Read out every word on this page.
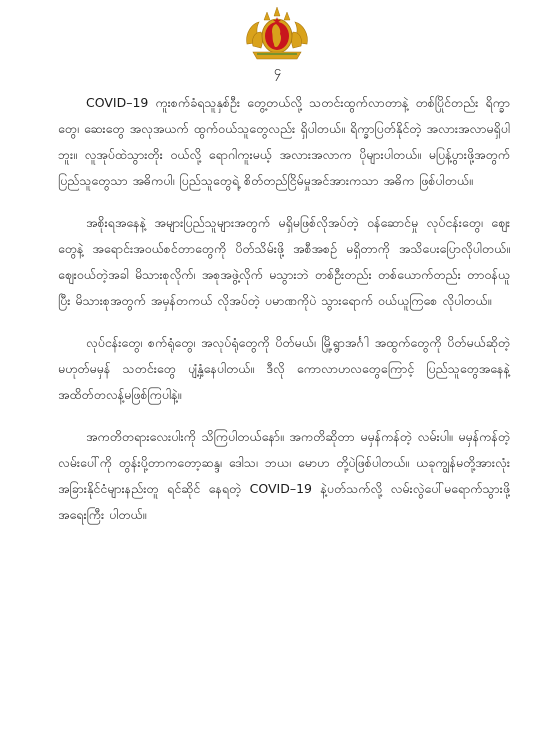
၄

COVID–19 ကူးစက်ခံရသူနှစ်ဦး တွေ့တယ်လို့ သတင်းထွက်လာတာနဲ့ တစ်ပြိုင်တည်း ရိက္ခာတွေ၊ ဆေးတွေ အလုအယက် ထွက်ဝယ်သူတွေလည်း ရှိပါတယ်။ ရိက္ခာပြတ်နိုင်တဲ့ အလားအလာမရှိပါဘူး။ လူအုပ်ထဲသွားတိုး ဝယ်လို့ ရောဂါကူးမယ့် အလားအလာက ပိုများပါတယ်။ မပြန့်ပွားဖို့အတွက် ပြည်သူတွေသာ အဓိကပါ၊ ပြည်သူတွေရဲ့ စိတ်တည်ငြိမ်မှုအင်အားကသာ အဓိက ဖြစ်ပါတယ်။

အစိုးရအနေနဲ့ အများပြည်သူများအတွက် မရှိမဖြစ်လိုအပ်တဲ့ ဝန်ဆောင်မှု လုပ်ငန်းတွေ၊ ဈေးတွေနဲ့ အရောင်းအဝယ်စင်တာတွေကို ပိတ်သိမ်းဖို့ အစီအစဉ် မရှိတာကို အသိပေးပြောလိုပါတယ်။ ဈေးဝယ်တဲ့အခါ မိသားစုလိုက်၊ အစုအဖွဲ့လိုက် မသွားဘဲ တစ်ဦးတည်း တစ်ယောက်တည်း တာဝန်ယူပြီး မိသားစုအတွက် အမှန်တကယ် လိုအပ်တဲ့ ပမာဏကိုပဲ သွားရောက် ဝယ်ယူကြစေ လိုပါတယ်။

လုပ်ငန်းတွေ၊ စက်ရုံတွေ၊ အလုပ်ရုံတွေကို ပိတ်မယ်၊ မြို့ရွာအင်္ဂါ အထွက်တွေကို ပိတ်မယ်ဆိုတဲ့ မဟုတ်မမှန် သတင်းတွေ ပျံ့နှံ့နေပါတယ်။ ဒီလို ကောလာဟလတွေကြောင့် ပြည်သူတွေအနေနဲ့ အထိတ်တလန့်မဖြစ်ကြပါနဲ့။

အကတိတရားလေးပါးကို သိကြပါတယ်နော်။ အကတိဆိုတာ မမှန်ကန်တဲ့ လမ်းပါ။ မမှန်ကန်တဲ့လမ်းပေါ်ကို တွန်းပို့တာကတော့ဆန္ဒ၊ ဒေါသ၊ ဘယ၊ မောဟ တို့ပဲဖြစ်ပါတယ်။ ယခုကျွန်မတို့အားလုံး အခြားနိုင်ငံများနည်းတူ ရင်ဆိုင် နေရတဲ့ COVID–19 နဲ့ပတ်သက်လို့ လမ်းလွဲပေါ်မရောက်သွားဖို့ အရေးကြီး ပါတယ်။
